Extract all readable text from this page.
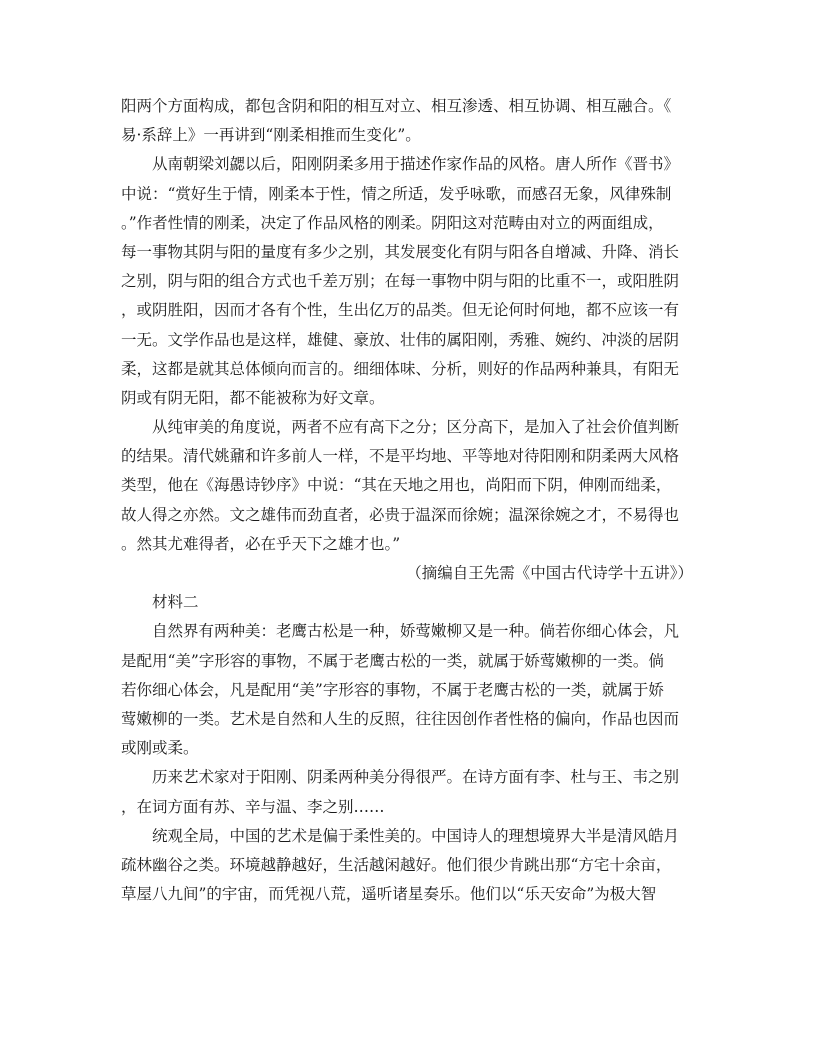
阳两个方面构成，都包含阴和阳的相互对立、相互渗透、相互协调、相互融合。《
易·系辞上》一再讲到“刚柔相推而生变化”。
从南朝梁刘勰以后，阳刚阴柔多用于描述作家作品的风格。唐人所作《晋书》
中说：“赏好生于情，刚柔本于性，情之所适，发乎咏歌，而感召无象，风律殊制
。”作者性情的刚柔，决定了作品风格的刚柔。阴阳这对范畴由对立的两面组成，
每一事物其阴与阳的量度有多少之别，其发展变化有阴与阳各自增减、升降、消长
之别，阴与阳的组合方式也千差万别；在每一事物中阴与阳的比重不一，或阳胜阴
，或阴胜阳，因而才各有个性，生出亿万的品类。但无论何时何地，都不应该一有
一无。文学作品也是这样，雄健、豪放、壮伟的属阳刚，秀雅、婉约、冲淡的居阴
柔，这都是就其总体倾向而言的。细细体味、分析，则好的作品两种兼具，有阳无
阴或有阴无阳，都不能被称为好文章。
从纯审美的角度说，两者不应有高下之分；区分高下，是加入了社会价值判断
的结果。清代姚鼐和许多前人一样，不是平均地、平等地对待阳刚和阴柔两大风格
类型，他在《海愚诗钞序》中说：“其在天地之用也，尚阳而下阴，伸刚而绌柔，
故人得之亦然。文之雄伟而劲直者，必贵于温深而徐婉；温深徐婉之才，不易得也
。然其尤难得者，必在乎天下之雄才也。”
（摘编自王先需《中国古代诗学十五讲》）
材料二
自然界有两种美：老鹰古松是一种，娇莺嫩柳又是一种。倘若你细心体会，凡
是配用“美”字形容的事物，不属于老鹰古松的一类，就属于娇莺嫩柳的一类。倘
若你细心体会，凡是配用“美”字形容的事物，不属于老鹰古松的一类，就属于娇
莺嫩柳的一类。艺术是自然和人生的反照，往往因创作者性格的偏向，作品也因而
或刚或柔。
历来艺术家对于阳刚、阴柔两种美分得很严。在诗方面有李、杜与王、韦之别
，在词方面有苏、辛与温、李之别……
统观全局，中国的艺术是偏于柔性美的。中国诗人的理想境界大半是清风皓月
疏林幽谷之类。环境越静越好，生活越闲越好。他们很少肯跳出那“方宅十余亩，
草屋八九间”的宇宙，而凭视八荒，遥听诸星奏乐。他们以“乐天安命”为极大智
